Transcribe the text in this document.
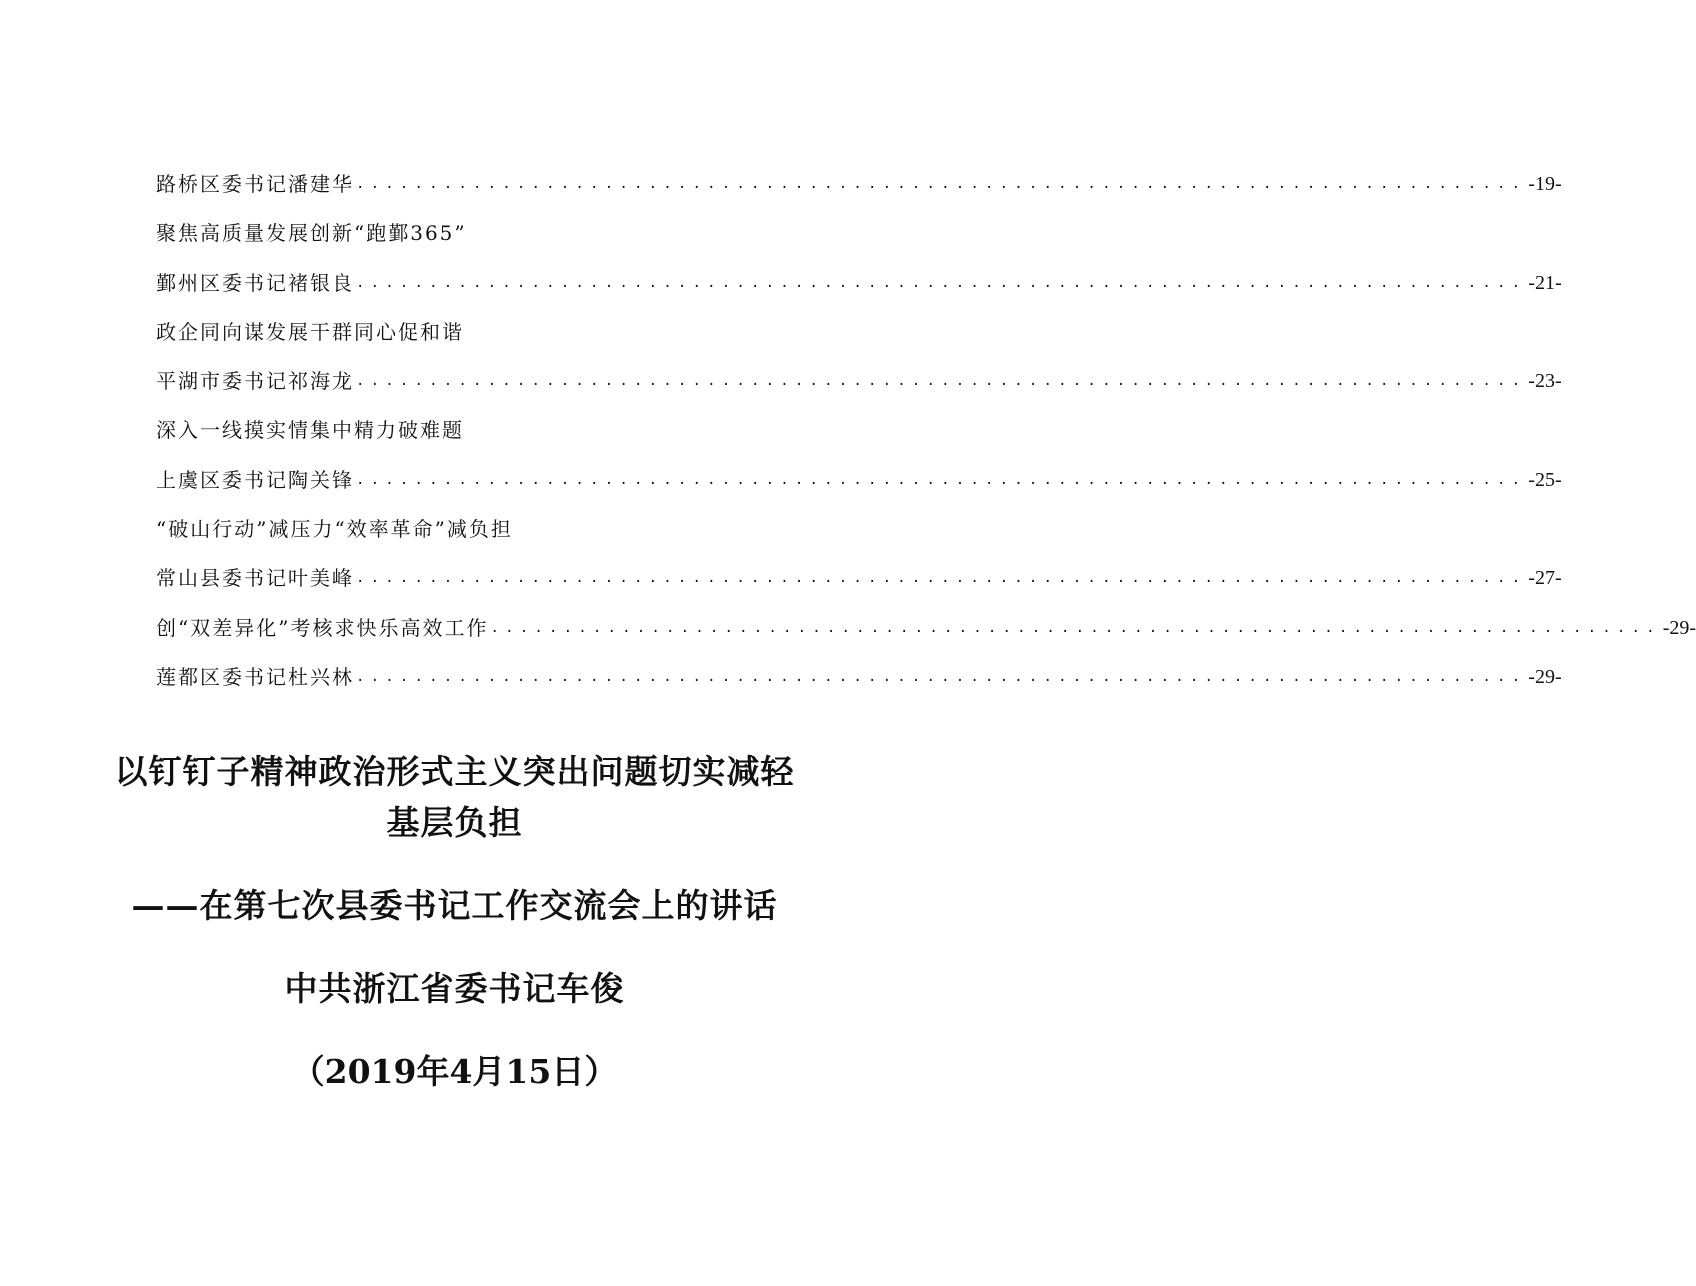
路桥区委书记潘建华 ................................................................................ -19-
聚焦高质量发展创新“跑鄞365”
鄞州区委书记褚银良 ................................................................................ -21-
政企同向谋发展干群同心促和谐
平湖市委书记祁海龙 ................................................................................ -23-
深入一线摸实情集中精力破难题
上虞区委书记陶关锋 ................................................................................ -25-
“破山行动”减压力“效率革命”减负担
常山县委书记叶美峰 ................................................................................ -27-
创“双差异化”考核求快乐高效工作 ................................................................................ -29-
莲都区委书记杜兴林 ................................................................................ -29-
以钉钉子精神政治形式主义突出问题切实减轻
基层负担
——在第七次县委书记工作交流会上的讲话
中共浙江省委书记车俊
（2019年4月15日）
